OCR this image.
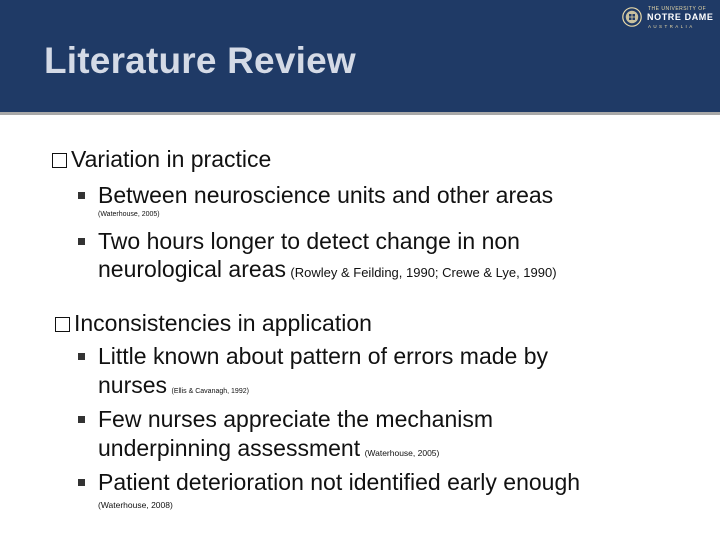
Literature Review
THE UNIVERSITY OF
NOTRE DAME
AUSTRALIA
Variation in practice
Between neuroscience units and other areas
(Waterhouse, 2005)
Two hours longer to detect change in non
neurological areas (Rowley & Feilding, 1990; Crewe & Lye, 1990)
Inconsistencies in application
Little known about pattern of errors made by
nurses (Ellis & Cavanagh, 1992)
Few nurses appreciate the mechanism
underpinning assessment (Waterhouse, 2005)
Patient deterioration not identified early enough
(Waterhouse, 2008)
